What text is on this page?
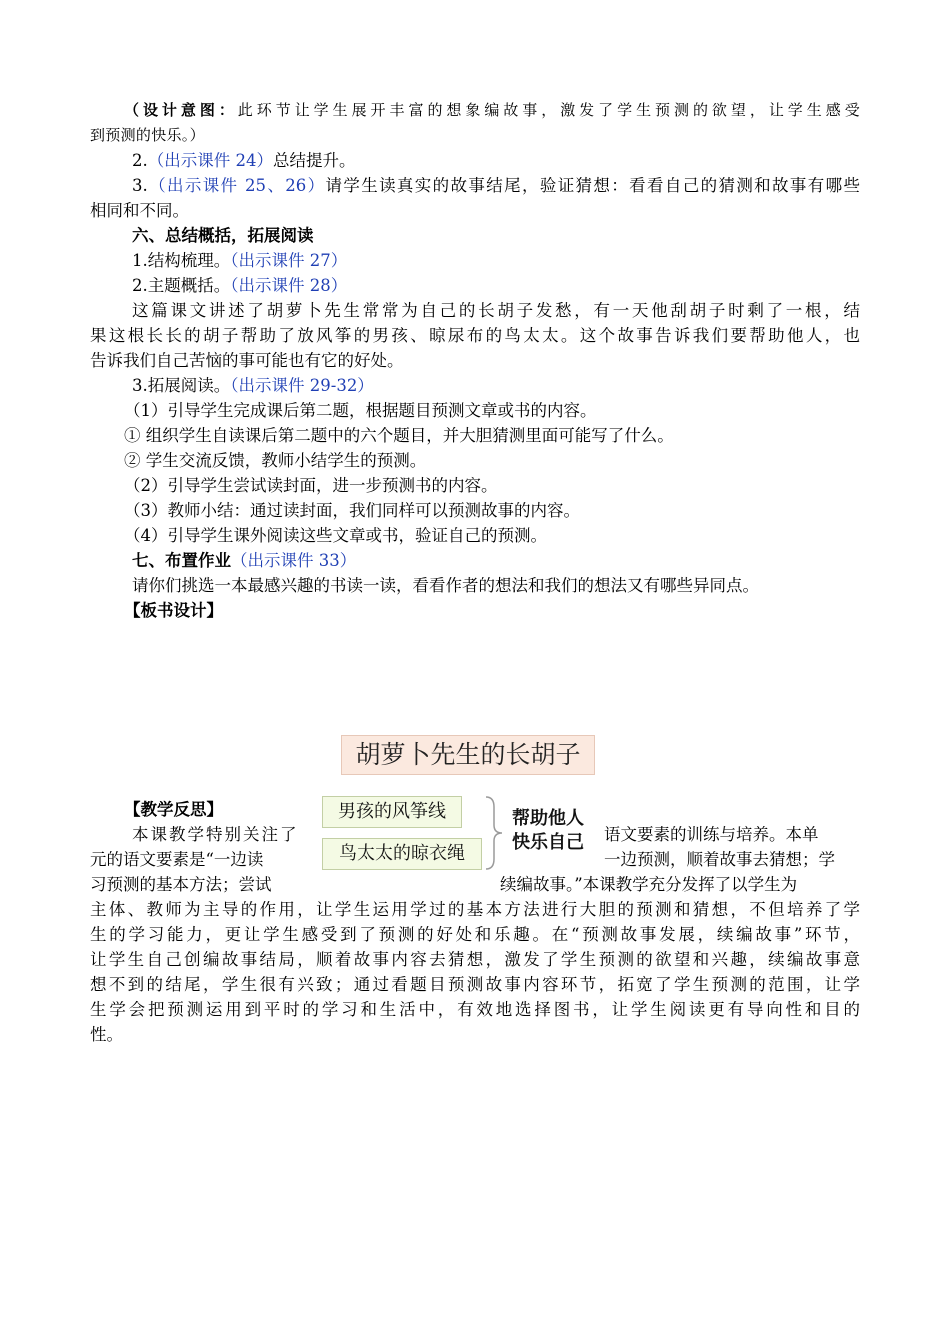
（设计意图：此环节让学生展开丰富的想象编故事，激发了学生预测的欲望，让学生感受
到预测的快乐。）
2.（出示课件 24）总结提升。
3.（出示课件 25、26）请学生读真实的故事结尾，验证猜想：看看自己的猜测和故事有哪些
相同和不同。
六、总结概括，拓展阅读
1.结构梳理。（出示课件 27）
2.主题概括。（出示课件 28）
这篇课文讲述了胡萝卜先生常常为自己的长胡子发愁，有一天他刮胡子时剩了一根，结
果这根长长的胡子帮助了放风筝的男孩、晾尿布的鸟太太。这个故事告诉我们要帮助他人，也
告诉我们自己苦恼的事可能也有它的好处。
3.拓展阅读。（出示课件 29-32）
（1）引导学生完成课后第二题，根据题目预测文章或书的内容。
① 组织学生自读课后第二题中的六个题目，并大胆猜测里面可能写了什么。
② 学生交流反馈，教师小结学生的预测。
（2）引导学生尝试读封面，进一步预测书的内容。
（3）教师小结：通过读封面，我们同样可以预测故事的内容。
（4）引导学生课外阅读这些文章或书，验证自己的预测。
七、布置作业（出示课件 33）
请你们挑选一本最感兴趣的书读一读，看看作者的想法和我们的想法又有哪些异同点。
【板书设计】
胡萝卜先生的长胡子
男孩的风筝线
鸟太太的晾衣绳
帮助他人
快乐自己
【教学反思】
本课教学特别关注了	语文要素的训练与培养。本单
元的语文要素是“一边读	一边预测，顺着故事去猜想；学
习预测的基本方法；尝试	续编故事。”本课教学充分发挥了以学生为
主体、教师为主导的作用，让学生运用学过的基本方法进行大胆的预测和猜想，不但培养了学
生的学习能力，更让学生感受到了预测的好处和乐趣。在“预测故事发展，续编故事”环节，
让学生自己创编故事结局，顺着故事内容去猜想，激发了学生预测的欲望和兴趣，续编故事意
想不到的结尾，学生很有兴致；通过看题目预测故事内容环节，拓宽了学生预测的范围，让学
生学会把预测运用到平时的学习和生活中，有效地选择图书，让学生阅读更有导向性和目的
性。
